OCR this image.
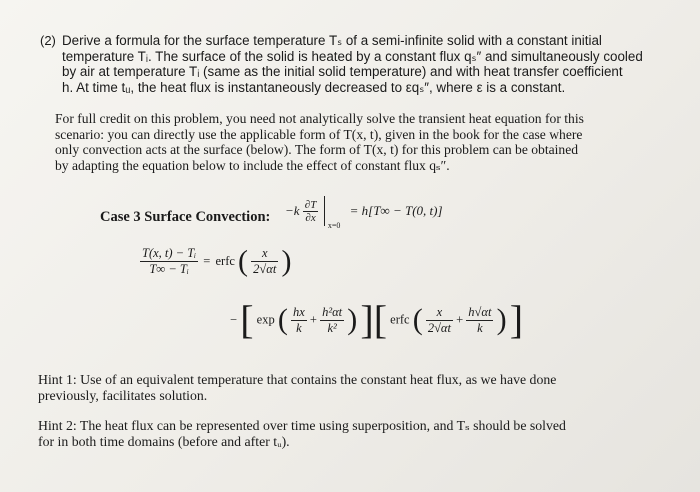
(2) Derive a formula for the surface temperature Tₛ of a semi-infinite solid with a constant initial
temperature Tᵢ. The surface of the solid is heated by a constant flux qₛ″ and simultaneously cooled
by air at temperature Tᵢ (same as the initial solid temperature) and with heat transfer coefficient
h. At time tᵤ, the heat flux is instantaneously decreased to εqₛ″, where ε is a constant.
For full credit on this problem, you need not analytically solve the transient heat equation for this
scenario: you can directly use the applicable form of T(x, t), given in the book for the case where
only convection acts at the surface (below). The form of T(x, t) for this problem can be obtained
by adapting the equation below to include the effect of constant flux qₛ″.
Case 3 Surface Convection: $-k \frac{\partial T}{\partial x}$
$_{x=0}$ = h[T∞ − T(0, t)]
$\frac{\text{T(x, t) − Tᵢ}}{\text{T∞ − Tᵢ}}$ = erfc ( $\frac{x}{2√\alpha t}$ )
− [ exp ( $\frac{hx}{k} + \frac{\text{h²αt}}{\text{k²}}$ ) ][ erfc ( $\frac{x}{2√\alpha t} + \frac{h√\alpha t}{k}$ ) ]
Hint 1: Use of an equivalent temperature that contains the constant heat flux, as we have done
previously, facilitates solution.
Hint 2: The heat flux can be represented over time using superposition, and Tₛ should be solved
for in both time domains (before and after tᵤ).
